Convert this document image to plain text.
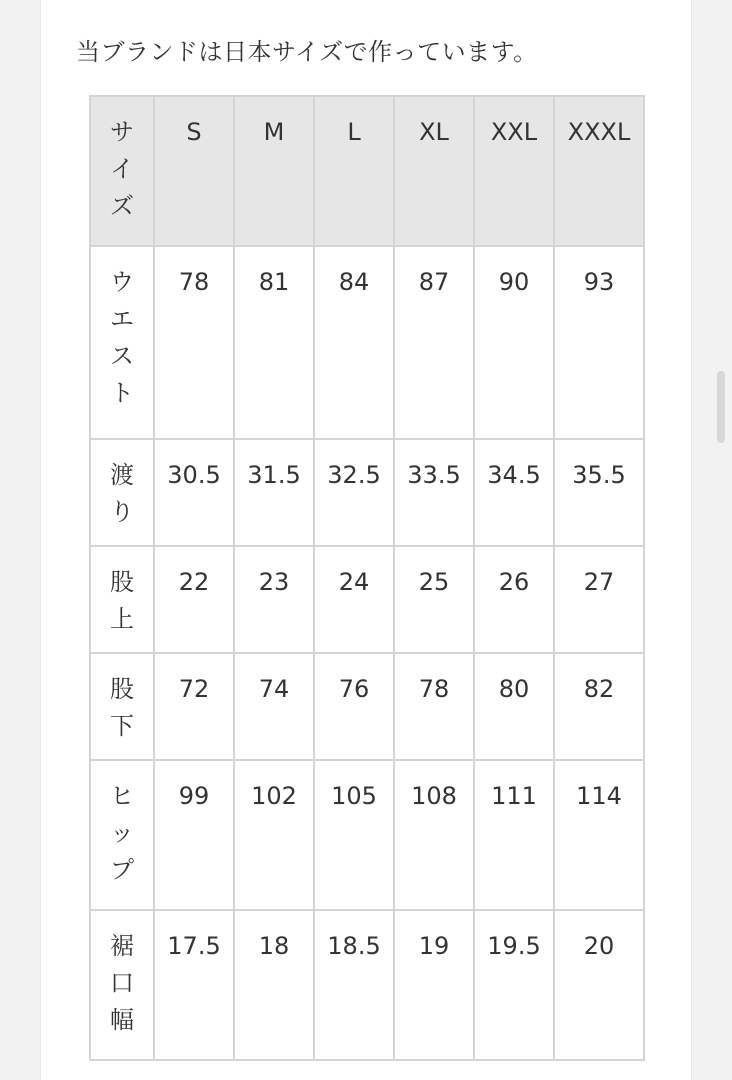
当ブランドは日本サイズで作っています。
サイズ	S	M	L	XL	XXL	XXXL

ウエスト	78	81	84	87	90	93

渡り	30.5	31.5	32.5	33.5	34.5	35.5

股上	22	23	24	25	26	27

股下	72	74	76	78	80	82

ヒップ	99	102	105	108	111	114

裾口幅	17.5	18	18.5	19	19.5	20
